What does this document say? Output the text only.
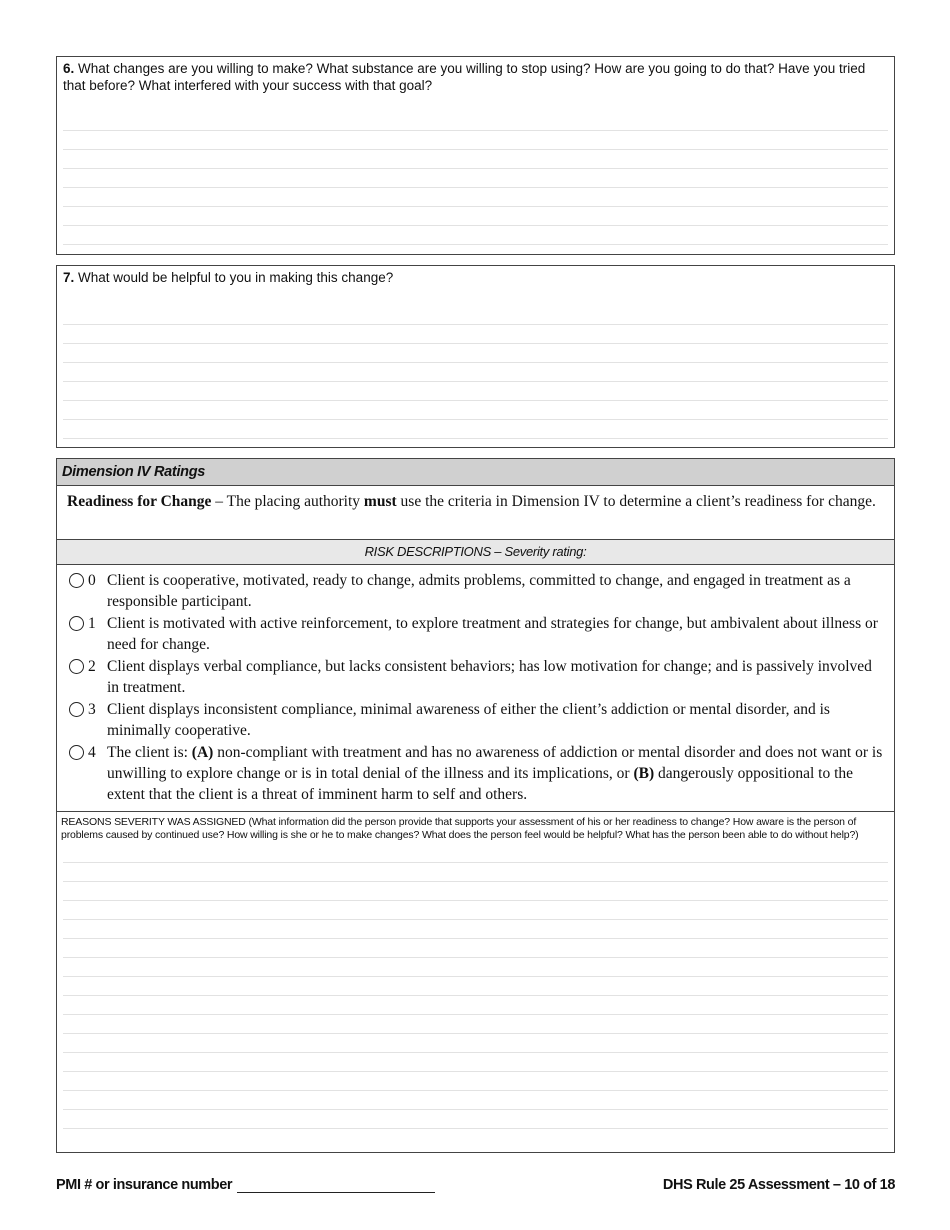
6. What changes are you willing to make? What substance are you willing to stop using? How are you going to do that? Have you tried that before? What interfered with your success with that goal?
7. What would be helpful to you in making this change?
Dimension IV Ratings
Readiness for Change – The placing authority must use the criteria in Dimension IV to determine a client’s readiness for change.
RISK DESCRIPTIONS – Severity rating:
0 Client is cooperative, motivated, ready to change, admits problems, committed to change, and engaged in treatment as a responsible participant.
1 Client is motivated with active reinforcement, to explore treatment and strategies for change, but ambivalent about illness or need for change.
2 Client displays verbal compliance, but lacks consistent behaviors; has low motivation for change; and is passively involved in treatment.
3 Client displays inconsistent compliance, minimal awareness of either the client’s addiction or mental disorder, and is minimally cooperative.
4 The client is: (A) non-compliant with treatment and has no awareness of addiction or mental disorder and does not want or is unwilling to explore change or is in total denial of the illness and its implications, or (B) dangerously oppositional to the extent that the client is a threat of imminent harm to self and others.
REASONS SEVERITY WAS ASSIGNED (What information did the person provide that supports your assessment of his or her readiness to change? How aware is the person of problems caused by continued use? How willing is she or he to make changes? What does the person feel would be helpful? What has the person been able to do without help?)
PMI # or insurance number	DHS Rule 25 Assessment – 10 of 18
